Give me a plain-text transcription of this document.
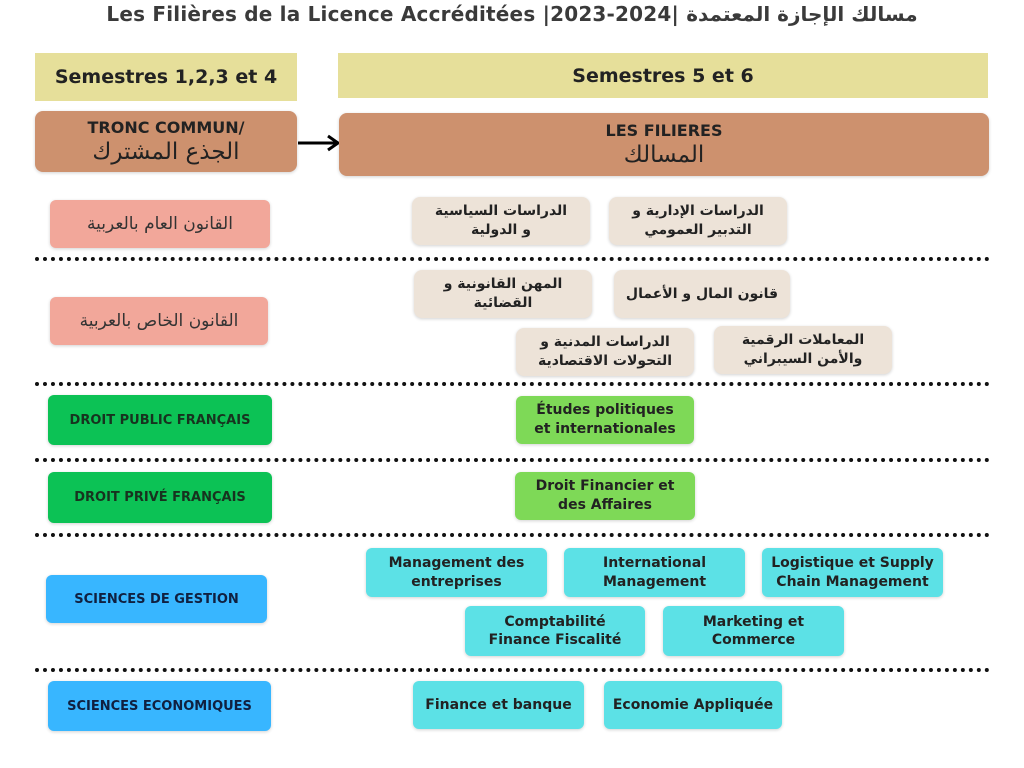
Les Filières de la Licence Accréditées |2023-2024| مسالك الإجازة المعتمدة
Semestres 1,2,3 et 4	Semestres 5 et 6
TRONC COMMUN/
الجذع المشترك
LES FILIERES
المسالك
القانون العام بالعربية
الدراسات السياسية
و الدولية
الدراسات الإدارية و
التدبير العمومي
القانون الخاص بالعربية
المهن القانونية و
القضائية
قانون المال و الأعمال
الدراسات المدنية و
التحولات الاقتصادية
المعاملات الرقمية
والأمن السيبراني
DROIT PUBLIC FRANÇAIS
Études politiques
et internationales
DROIT PRIVÉ FRANÇAIS
Droit Financier et
des Affaires
SCIENCES DE GESTION
Management des
entreprises
International
Management
Logistique et Supply
Chain Management
Comptabilité
Finance Fiscalité
Marketing et
Commerce
SCIENCES ECONOMIQUES	Finance et banque	Economie Appliquée
